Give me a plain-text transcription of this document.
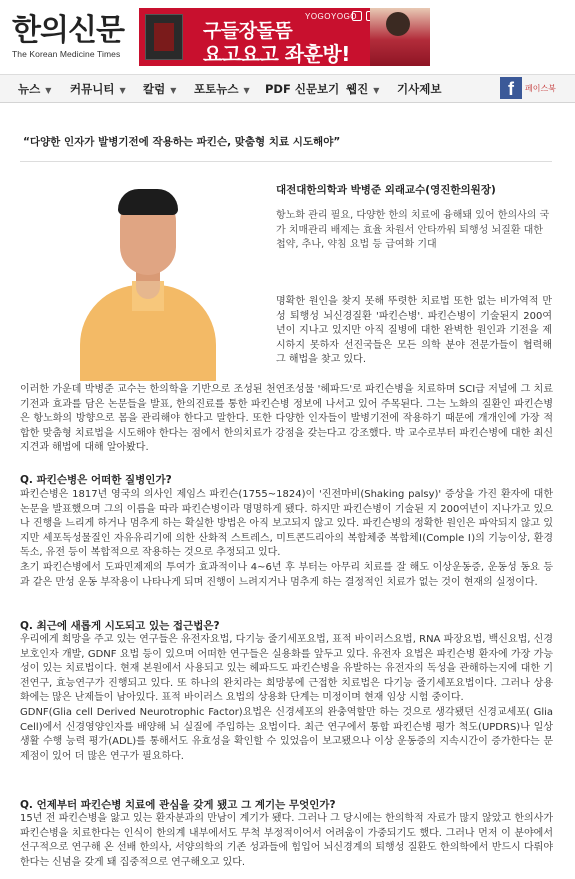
한의신문
The Korean Medicine Times
YOGOYOGO
구들장돌뜸
요고요고 좌훈방!
뉴스 ▼ 커뮤니티 ▼ 칼럼 ▼ 포토뉴스 ▼ PDF 신문보기 웹진 ▼ 기사제보	f	페이스북
“다양한 인자가 발병기전에 작용하는 파킨슨, 맞춤형 치료 시도해야”
대전대한의학과 박병준 외래교수(영진한의원장)
항노화 관리 필요, 다양한 한의 치료에 융해돼 있어 한의사의 국가 치매관리 배제는 효율 차원서 안타까워 퇴행성 뇌질환 대한 첩약, 추나, 약침 요법 등 급여화 기대
명확한 원인을 찾지 못해 뚜렷한 치료법 또한 없는 비가역적 만성 퇴행성 뇌신경질환 '파킨슨병'. 파킨슨병이 기술된지 200여년이 지나고 있지만 아직 질병에 대한 완벽한 원인과 기전을 제시하지 못하자 선진국들은 모든 의학 분야 전문가들이 협력해 그 해법을 찾고 있다.
이러한 가운데 박병준 교수는 한의학을 기반으로 조성된 천연조성물 '헤파드'로 파킨슨병을 치료하며 SCI급 저널에 그 치료 기전과 효과를 담은 논문들을 발표, 한의진료를 통한 파킨슨병 정보에 나서고 있어 주목된다. 그는 노화의 질환인 파킨슨병은 항노화의 방향으로 몸을 관리해야 한다고 말한다. 또한 다양한 인자들이 발병기전에 작용하기 때문에 개개인에 가장 적합한 맞춤형 치료법을 시도해야 한다는 점에서 한의치료가 강점을 갖는다고 강조했다. 박 교수로부터 파킨슨병에 대한 최신지견과 해법에 대해 알아봤다.
Q. 파킨슨병은 어떠한 질병인가?

파킨슨병은 1817년 영국의 의사인 제임스 파킨슨(1755~1824)이 '진전마비(Shaking palsy)' 증상을 가진 환자에 대한 논문을 발표했으며 그의 이름을 따라 파킨슨병이라 명명하게 됐다. 하지만 파킨슨병이 기술된 지 200여년이 지나가고 있으나 진행을 느리게 하거나 멈추게 하는 확실한 방법은 아직 보고되지 않고 있다. 파킨슨병의 정확한 원인은 파악되지 않고 있지만 세포독성물질인 자유유리기에 의한 산화적 스트레스, 미트콘드리아의 복합체중 복합체Ⅰ(Comple Ⅰ)의 기능이상, 환경독소, 유전 등이 복합적으로 작용하는 것으로 추정되고 있다.

초기 파킨슨병에서 도파민제제의 투여가 효과적이나 4~6년 후 부터는 아무리 치료를 잘 해도 이상운동증, 운동성 동요 등과 같은 만성 운동 부작용이 나타나게 되며 진행이 느려지거나 멈추게 하는 결정적인 치료가 없는 것이 현재의 실정이다.

Q. 최근에 새롭게 시도되고 있는 접근법은?

우리에게 희망을 주고 있는 연구들은 유전자요법, 다기능 줄기세포요법, 표적 바이러스요법, RNA 파장요법, 백신요법, 신경보호인자 개발, GDNF 요법 등이 있으며 어떠한 연구들은 실용화를 앞두고 있다. 유전자 요법은 파킨슨병 환자에 가장 가능성이 있는 치료법이다. 현재 본원에서 사용되고 있는 헤파드도 파킨슨병을 유발하는 유전자의 독성을 관해하는지에 대한 기전연구, 효능연구가 진행되고 있다. 또 하나의 완치라는 희망봉에 근접한 치료법은 다기능 줄기세포요법이다. 그러나 상용화에는 많은 난제들이 남아있다. 표적 바이러스 요법의 상용화 단계는 미정이며 현재 임상 시험 중이다.

GDNF(Glia cell Derived Neurotrophic Factor)요법은 신경세포의 완충역할만 하는 것으로 생각됐던 신경교세포( Glia Cell)에서 신경영양인자를 배양해 뇌 실질에 주입하는 요법이다. 최근 연구에서 통합 파킨슨병 평가 척도(UPDRS)나 일상생활 수행 능력 평가(ADL)를 통해서도 유효성을 확인할 수 있었음이 보고됐으나 이상 운동증의 지속시간이 증가한다는 문제점이 있어 더 많은 연구가 필요하다.

Q. 언제부터 파킨슨병 치료에 관심을 갖게 됐고 그 계기는 무엇인가?

15년 전 파킨슨병을 앓고 있는 환자분과의 만남이 계기가 됐다. 그러나 그 당시에는 한의학적 자료가 많지 않았고 한의사가 파킨슨병을 치료한다는 인식이 한의계 내부에서도 무척 부정적이어서 어려움이 가중되기도 했다. 그러나 먼저 이 분야에서 선구적으로 연구해 온 선배 한의사, 서양의학의 기존 성과들에 힘입어 뇌신경계의 퇴행성 질환도 한의학에서 반드시 다뤄야 한다는 신념을 갖게 돼 집중적으로 연구해오고 있다.
